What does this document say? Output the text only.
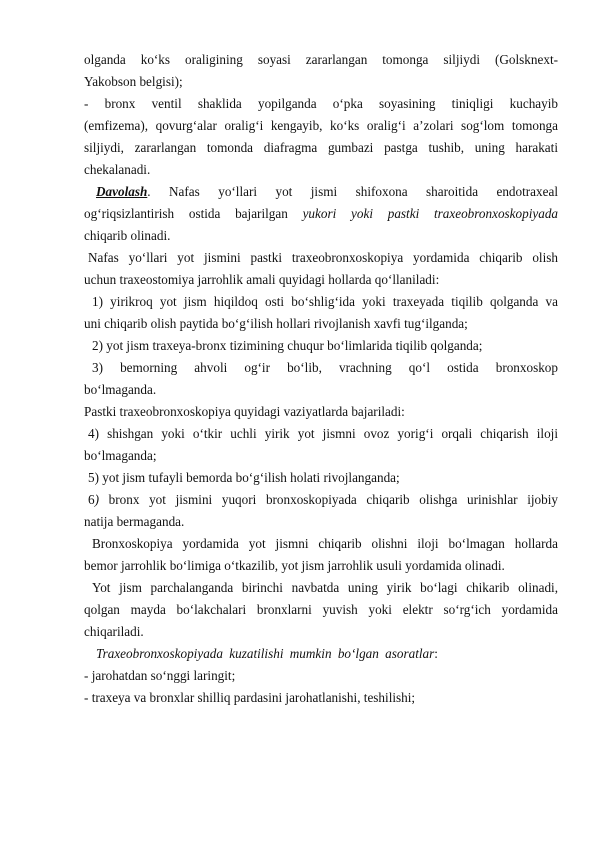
olganda ko‘ks oraligining soyasi zararlangan tomonga siljiydi (Golsknext-
Yakobson belgisi);
- bronx ventil shaklida yopilganda o‘pka soyasining tiniqligi kuchayib
(emfizema), qovurg‘alar oralig‘i kengayib, ko‘ks oralig‘i a’zolari sog‘lom tomonga
siljiydi, zararlangan tomonda diafragma gumbazi pastga tushib, uning harakati
chekalanadi.
Davolash. Nafas yo‘llari yot jismi shifoxona sharoitida endotraxeal
og‘riqsizlantirish ostida bajarilgan yukori yoki pastki traxeobronxoskopiyada
chiqarib olinadi.
Nafas yo‘llari yot jismini pastki traxeobronxoskopiya yordamida chiqarib olish
uchun traxeostomiya jarrohlik amali quyidagi hollarda qo‘llaniladi:
1) yirikroq yot jism hiqildoq osti bo‘shlig‘ida yoki traxeyada tiqilib qolganda va
uni chiqarib olish paytida bo‘g‘ilish hollari rivojlanish xavfi tug‘ilganda;
2) yot jism traxeya-bronx tizimining chuqur bo‘limlarida tiqilib qolganda;
3) bemorning ahvoli og‘ir bo‘lib, vrachning qo‘l ostida bronxoskop
bo‘lmaganda.
Pastki traxeobronxoskopiya quyidagi vaziyatlarda bajariladi:
4) shishgan yoki o‘tkir uchli yirik yot jismni ovoz yorig‘i orqali chiqarish iloji
bo‘lmaganda;
5) yot jism tufayli bemorda bo‘g‘ilish holati rivojlanganda;
6) bronx yot jismini yuqori bronxoskopiyada chiqarib olishga urinishlar ijobiy
natija bermaganda.
Bronxoskopiya yordamida yot jismni chiqarib olishni iloji bo‘lmagan hollarda
bemor jarrohlik bo‘limiga o‘tkazilib, yot jism jarrohlik usuli yordamida olinadi.
Yot jism parchalanganda birinchi navbatda uning yirik bo‘lagi chikarib olinadi,
qolgan mayda bo‘lakchalari bronxlarni yuvish yoki elektr so‘rg‘ich yordamida
chiqariladi.
Traxeobronxoskopiyada kuzatilishi mumkin bo‘lgan asoratlar:
- jarohatdan so‘nggi laringit;
- traxeya va bronxlar shilliq pardasini jarohatlanishi, teshilishi;
